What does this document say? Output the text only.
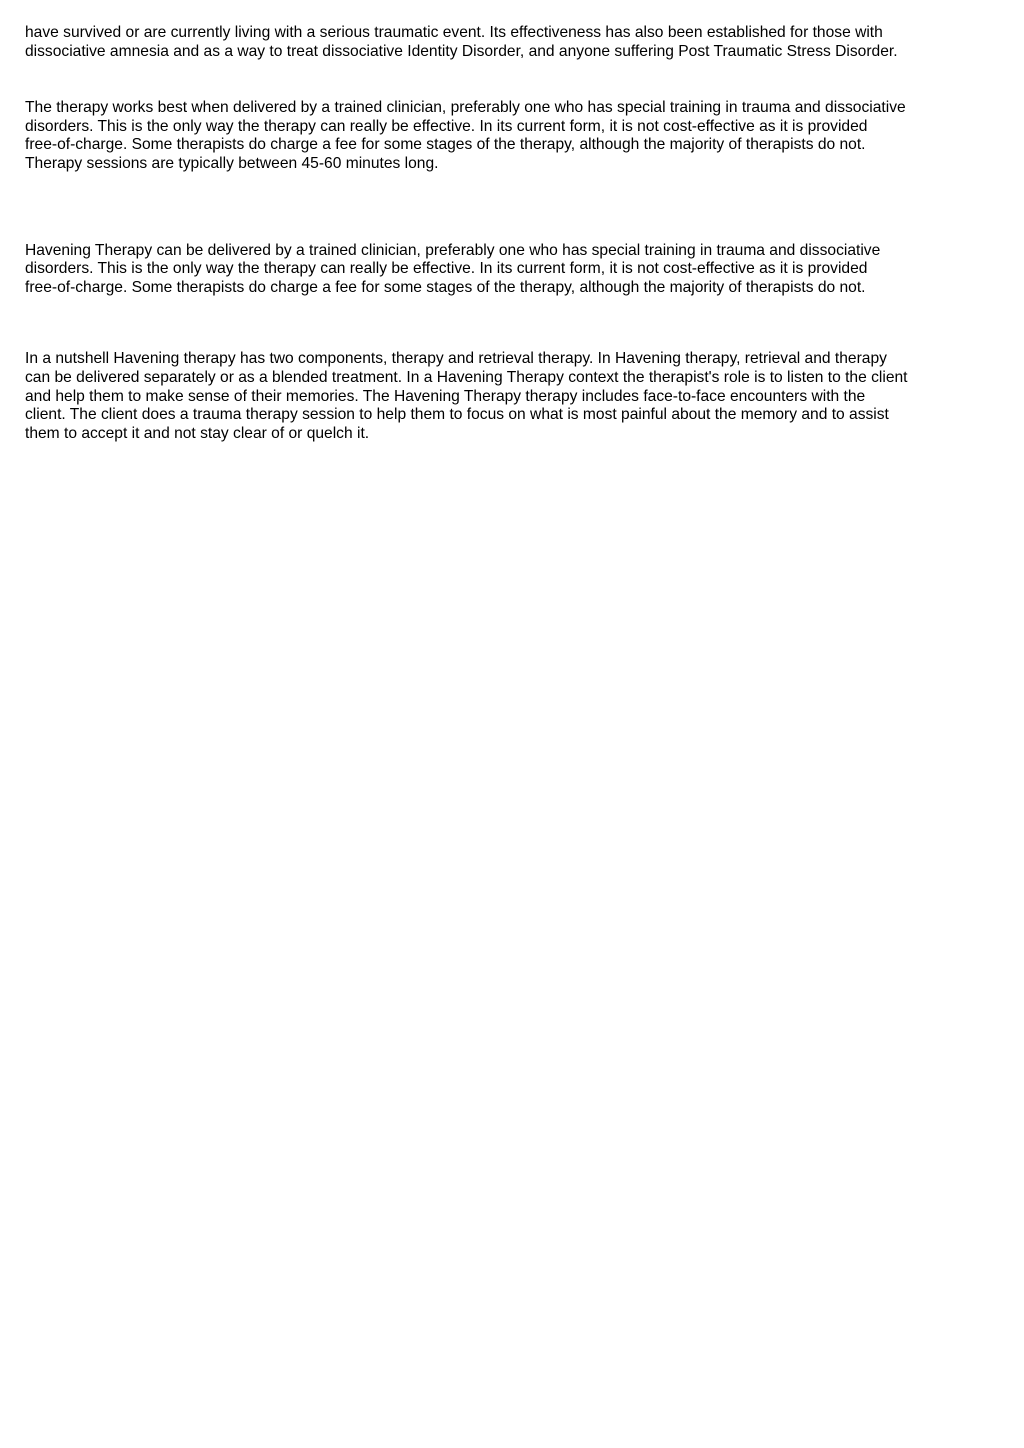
have survived or are currently living with a serious traumatic event. Its effectiveness has also been established for those with
dissociative amnesia and as a way to treat dissociative Identity Disorder, and anyone suffering Post Traumatic Stress Disorder.

The therapy works best when delivered by a trained clinician, preferably one who has special training in trauma and dissociative
disorders. This is the only way the therapy can really be effective. In its current form, it is not cost-effective as it is provided
free-of-charge. Some therapists do charge a fee for some stages of the therapy, although the majority of therapists do not.
Therapy sessions are typically between 45-60 minutes long.

Havening Therapy can be delivered by a trained clinician, preferably one who has special training in trauma and dissociative
disorders. This is the only way the therapy can really be effective. In its current form, it is not cost-effective as it is provided
free-of-charge. Some therapists do charge a fee for some stages of the therapy, although the majority of therapists do not.

In a nutshell Havening therapy has two components, therapy and retrieval therapy. In Havening therapy, retrieval and therapy
can be delivered separately or as a blended treatment. In a Havening Therapy context the therapist's role is to listen to the client
and help them to make sense of their memories. The Havening Therapy therapy includes face-to-face encounters with the
client. The client does a trauma therapy session to help them to focus on what is most painful about the memory and to assist
them to accept it and not stay clear of or quelch it.
